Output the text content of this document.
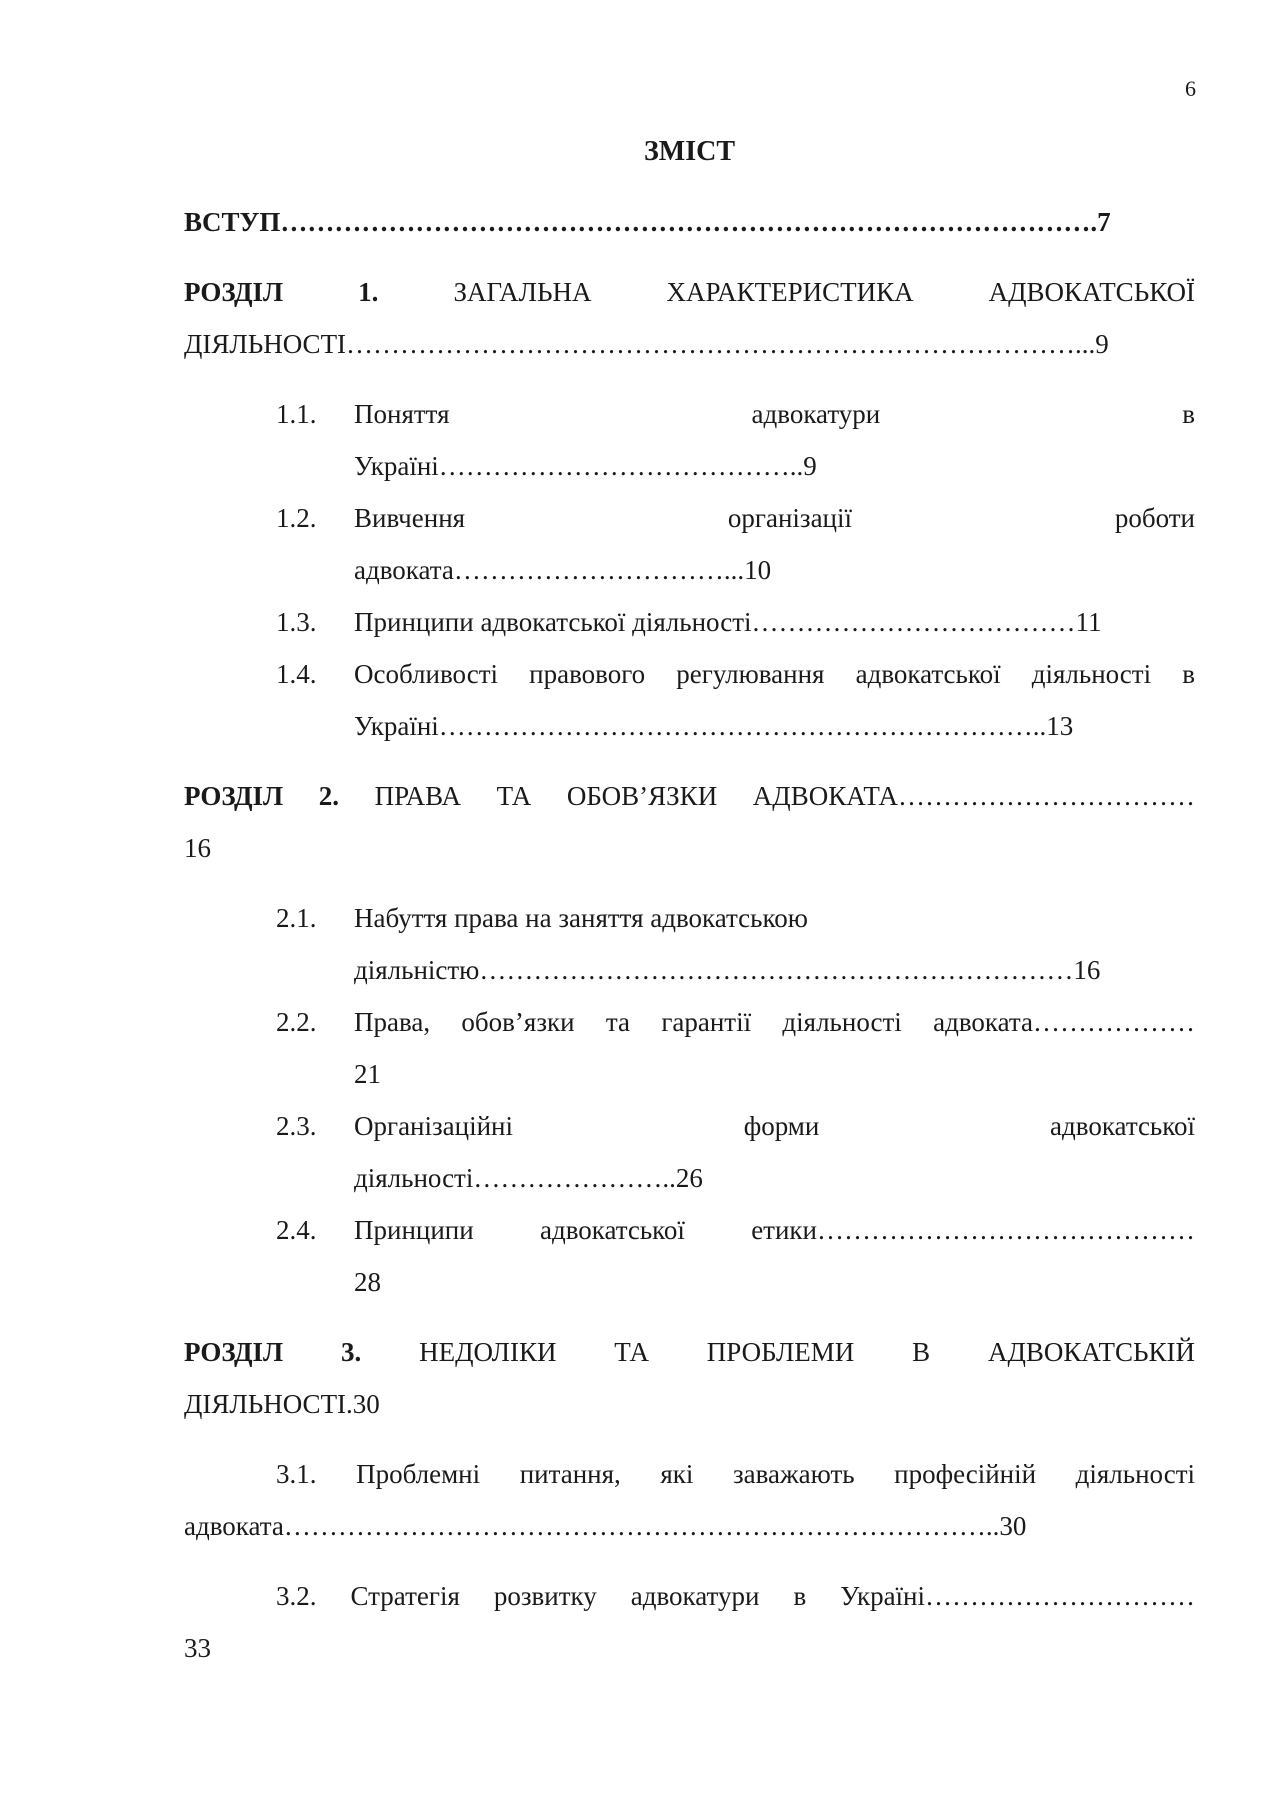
6
ЗМІСТ
ВСТУП……………………………………………………………………………….7
РОЗДІЛ 1.	ЗАГАЛЬНА ХАРАКТЕРИСТИКА АДВОКАТСЬКОЇ
ДІЯЛЬНОСТІ………………………………………………………………………...9
1.1. Поняття адвокатури в
Україні…………………………………..9
1.2. Вивчення організації роботи
адвоката…………………………...10
1.3. Принципи адвокатської діяльності………………………………11
1.4. Особливості правового регулювання адвокатської діяльності в
Україні…………………………………………………………..13
РОЗДІЛ 2. ПРАВА ТА ОБОВ’ЯЗКИ АДВОКАТА……………………………
16
2.1. Набуття права на заняття адвокатською
діяльністю…………………………………………………………16
2.2. Права, обов’язки та гарантії діяльності адвоката………………
21
2.3. Організаційні форми адвокатської
діяльності…………………..26
2.4. Принципи адвокатської етики……………………………………
28
РОЗДІЛ 3. НЕДОЛІКИ ТА ПРОБЛЕМИ В АДВОКАТСЬКІЙ
ДІЯЛЬНОСТІ.30
3.1. Проблемні питання, які заважають професійній діяльності
адвоката……………………………………………………………………..30
3.2. Стратегія розвитку адвокатури в Україні…………………………
33
